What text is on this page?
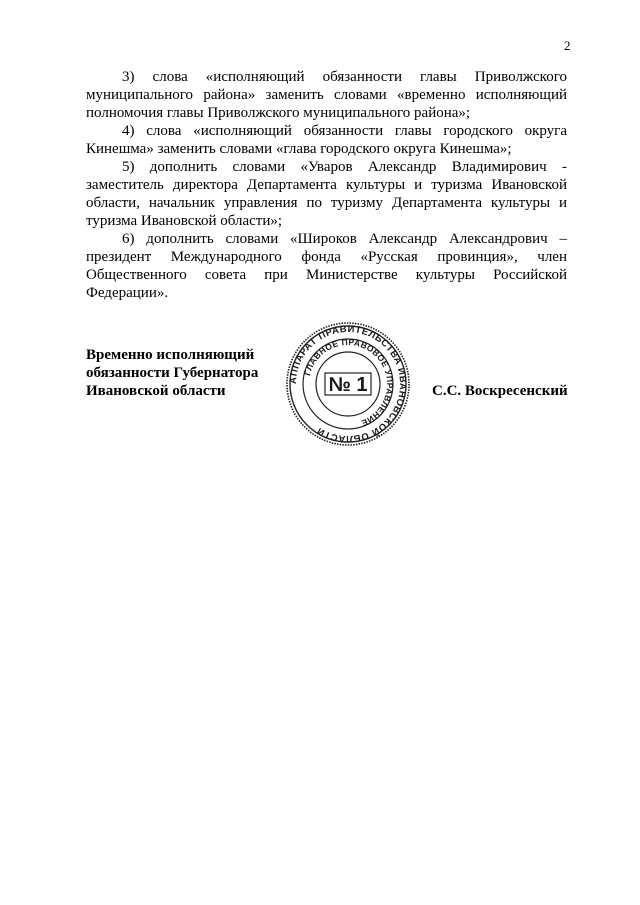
2

3) слова «исполняющий обязанности главы Приволжского муниципального района» заменить словами «временно исполняющий полномочия главы Приволжского муниципального района»;

4) слова «исполняющий обязанности главы городского округа Кинешма» заменить словами «глава городского округа Кинешма»;

5) дополнить словами «Уваров Александр Владимирович - заместитель директора Департамента культуры и туризма Ивановской области, начальник управления по туризму Департамента культуры и туризма Ивановской области»;

6) дополнить словами «Широков Александр Александрович – президент Международного фонда «Русская провинция», член Общественного совета при Министерстве культуры Российской Федерации».

Временно исполняющий
обязанности Губернатора
Ивановской области	С.С. Воскресенский
АППАРАТ ПРАВИТЕЛЬСТВА ИВАНОВСКОЙ ОБЛАСТИ
ГЛАВНОЕ ПРАВОВОЕ УПРАВЛЕНИЕ
№ 1
